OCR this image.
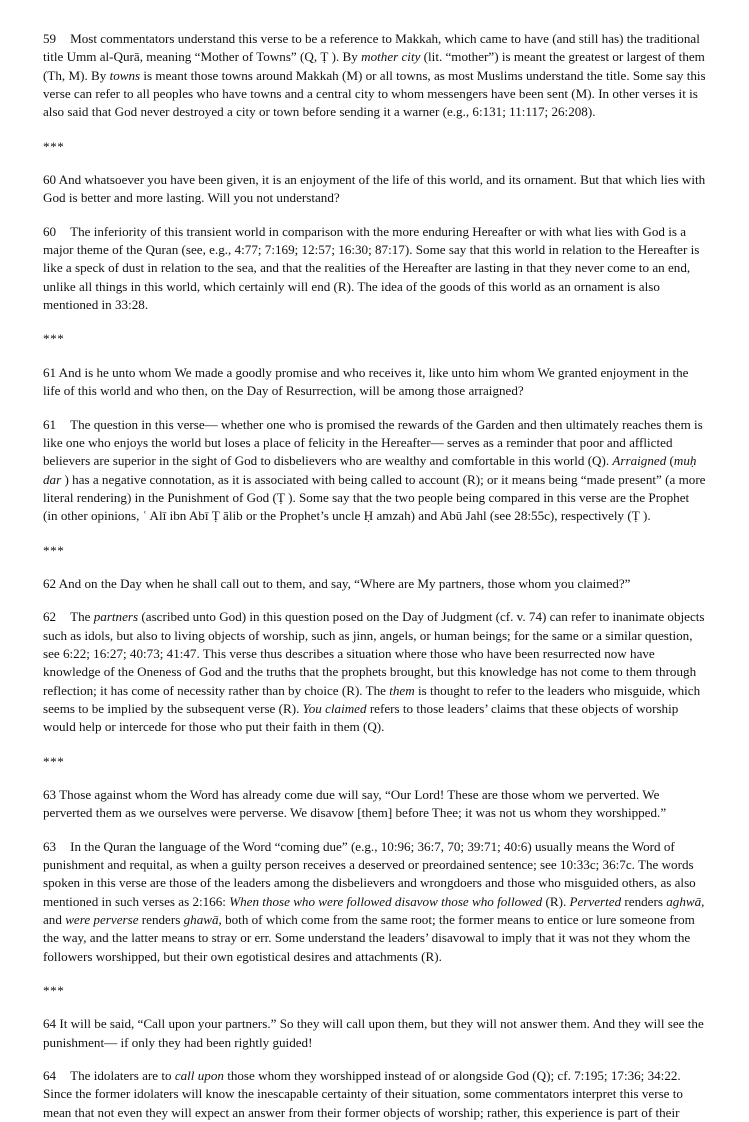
59 Most commentators understand this verse to be a reference to Makkah, which came to have (and still has) the traditional title Umm al-Qurā, meaning “Mother of Towns” (Q, Ṭ ). By mother city (lit. “mother”) is meant the greatest or largest of them (Th, M). By towns is meant those towns around Makkah (M) or all towns, as most Muslims understand the title. Some say this verse can refer to all peoples who have towns and a central city to whom messengers have been sent (M). In other verses it is also said that God never destroyed a city or town before sending it a warner (e.g., 6:131; 11:117; 26:208).

***

60 And whatsoever you have been given, it is an enjoyment of the life of this world, and its ornament. But that which lies with God is better and more lasting. Will you not understand?

60 The inferiority of this transient world in comparison with the more enduring Hereafter or with what lies with God is a major theme of the Quran (see, e.g., 4:77; 7:169; 12:57; 16:30; 87:17). Some say that this world in relation to the Hereafter is like a speck of dust in relation to the sea, and that the realities of the Hereafter are lasting in that they never come to an end, unlike all things in this world, which certainly will end (R). The idea of the goods of this world as an ornament is also mentioned in 33:28.

***

61 And is he unto whom We made a goodly promise and who receives it, like unto him whom We granted enjoyment in the life of this world and who then, on the Day of Resurrection, will be among those arraigned?

61 The question in this verse— whether one who is promised the rewards of the Garden and then ultimately reaches them is like one who enjoys the world but loses a place of felicity in the Hereafter— serves as a reminder that poor and afflicted believers are superior in the sight of God to disbelievers who are wealthy and comfortable in this world (Q). Arraigned (muḥ dar ) has a negative connotation, as it is associated with being called to account (R); or it means being “made present” (a more literal rendering) in the Punishment of God (Ṭ ). Some say that the two people being compared in this verse are the Prophet (in other opinions, ʿ Alī ibn Abī Ṭ ālib or the Prophet’s uncle Ḥ amzah) and Abū Jahl (see 28:55c), respectively (Ṭ ).

***

62 And on the Day when he shall call out to them, and say, “Where are My partners, those whom you claimed?”

62 The partners (ascribed unto God) in this question posed on the Day of Judgment (cf. v. 74) can refer to inanimate objects such as idols, but also to living objects of worship, such as jinn, angels, or human beings; for the same or a similar question, see 6:22; 16:27; 40:73; 41:47. This verse thus describes a situation where those who have been resurrected now have knowledge of the Oneness of God and the truths that the prophets brought, but this knowledge has not come to them through reflection; it has come of necessity rather than by choice (R). The them is thought to refer to the leaders who misguide, which seems to be implied by the subsequent verse (R). You claimed refers to those leaders’ claims that these objects of worship would help or intercede for those who put their faith in them (Q).

***

63 Those against whom the Word has already come due will say, “Our Lord! These are those whom we perverted. We perverted them as we ourselves were perverse. We disavow [them] before Thee; it was not us whom they worshipped.”

63 In the Quran the language of the Word “coming due” (e.g., 10:96; 36:7, 70; 39:71; 40:6) usually means the Word of punishment and requital, as when a guilty person receives a deserved or preordained sentence; see 10:33c; 36:7c. The words spoken in this verse are those of the leaders among the disbelievers and wrongdoers and those who misguided others, as also mentioned in such verses as 2:166: When those who were followed disavow those who followed (R). Perverted renders aghwā, and were perverse renders ghawā, both of which come from the same root; the former means to entice or lure someone from the way, and the latter means to stray or err. Some understand the leaders’ disavowal to imply that it was not they whom the followers worshipped, but their own egotistical desires and attachments (R).

***

64 It will be said, “Call upon your partners.” So they will call upon them, but they will not answer them. And they will see the punishment— if only they had been rightly guided!

64 The idolaters are to call upon those whom they worshipped instead of or alongside God (Q); cf. 7:195; 17:36; 34:22. Since the former idolaters will know the inescapable certainty of their situation, some commentators interpret this verse to mean that not even they will expect an answer from their former objects of worship; rather, this experience is part of their
